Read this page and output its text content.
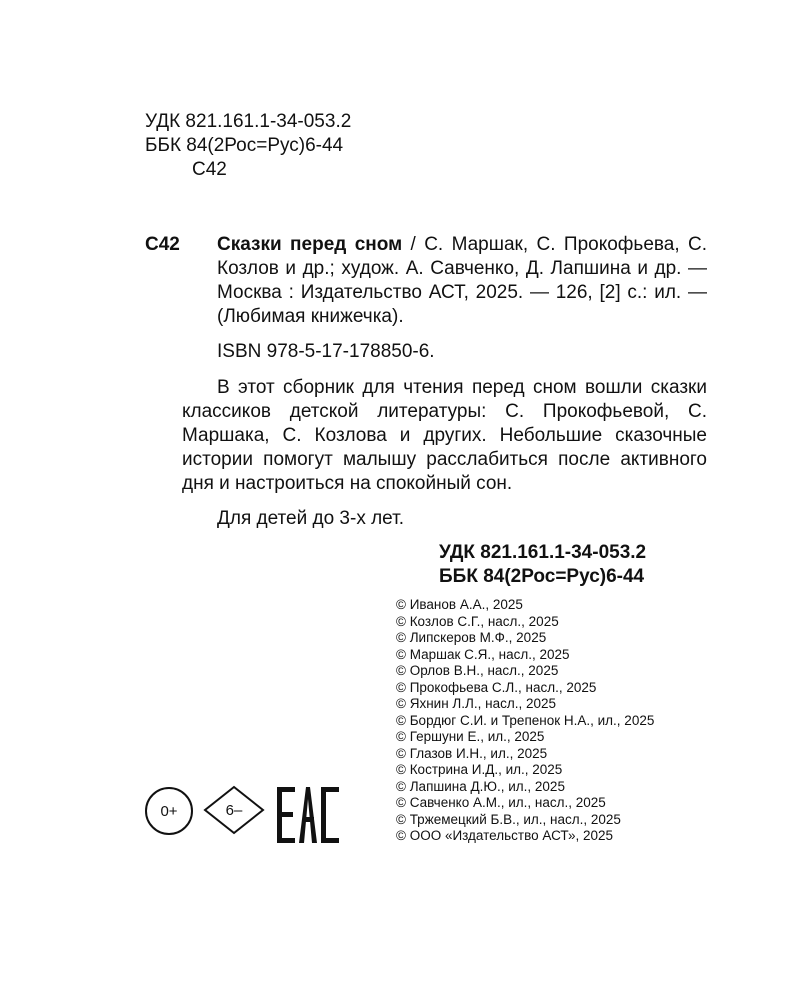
УДК 821.161.1-34-053.2
ББК 84(2Рос=Рус)6-44
С42
С42 Сказки перед сном / С. Маршак, С. Прокофьева, С. Козлов и др.; худож. А. Савченко, Д. Лапшина и др. — Москва : Издательство АСТ, 2025. — 126, [2] с.: ил. — (Любимая книжечка).
ISBN 978-5-17-178850-6.
В этот сборник для чтения перед сном вошли сказки классиков детской литературы: С. Прокофьевой, С. Маршака, С. Козлова и других. Небольшие сказочные истории помогут малышу расслабиться после активного дня и настроиться на спокойный сон.
Для детей до 3-х лет.
УДК 821.161.1-34-053.2
ББК 84(2Рос=Рус)6-44
© Иванов А.А., 2025
© Козлов С.Г., насл., 2025
© Липскеров М.Ф., 2025
© Маршак С.Я., насл., 2025
© Орлов В.Н., насл., 2025
© Прокофьева С.Л., насл., 2025
© Яхнин Л.Л., насл., 2025
© Бордюг С.И. и Трепенок Н.А., ил., 2025
© Гершуни Е., ил., 2025
© Глазов И.Н., ил., 2025
© Кострина И.Д., ил., 2025
© Лапшина Д.Ю., ил., 2025
© Савченко А.М., ил., насл., 2025
© Тржемецкий Б.В., ил., насл., 2025
© ООО «Издательство АСТ», 2025
0+	6–
